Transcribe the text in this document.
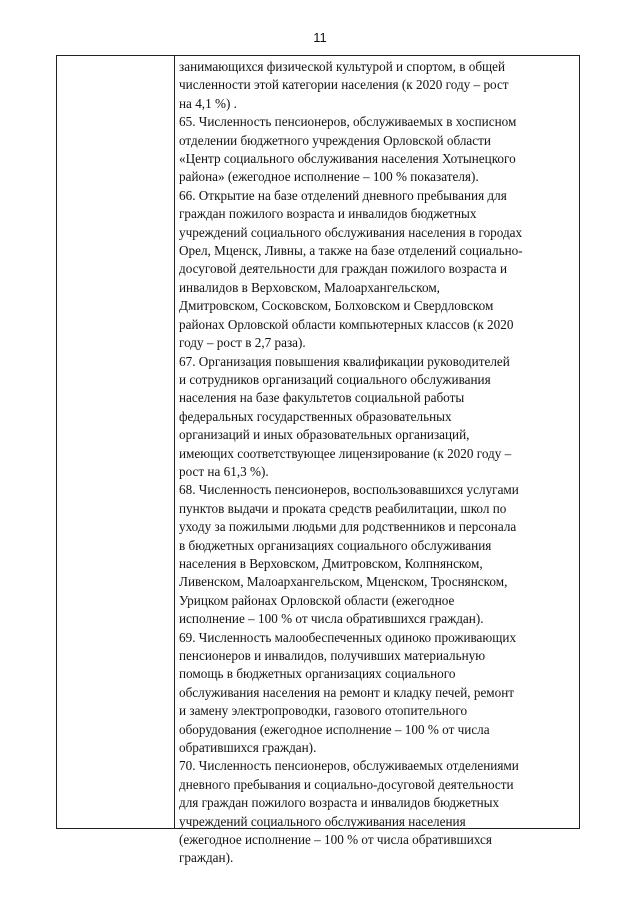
11
занимающихся физической культурой и спортом, в общей
численности этой категории населения (к 2020 году – рост
на 4,1 %) .
65. Численность пенсионеров, обслуживаемых в хосписном
отделении бюджетного учреждения Орловской области
«Центр социального обслуживания населения Хотынецкого
района» (ежегодное исполнение – 100 % показателя).
66. Открытие на базе отделений дневного пребывания для
граждан пожилого возраста и инвалидов бюджетных
учреждений социального обслуживания населения в городах
Орел, Мценск, Ливны, а также на базе отделений социально-
досуговой деятельности для граждан пожилого возраста и
инвалидов в Верховском, Малоархангельском,
Дмитровском, Сосковском, Болховском и Свердловском
районах Орловской области компьютерных классов (к 2020
году – рост в 2,7 раза).
67. Организация повышения квалификации руководителей
и сотрудников организаций социального обслуживания
населения на базе факультетов социальной работы
федеральных государственных образовательных
организаций и иных образовательных организаций,
имеющих соответствующее лицензирование (к 2020 году –
рост на 61,3 %).
68. Численность пенсионеров, воспользовавшихся услугами
пунктов выдачи и проката средств реабилитации, школ по
уходу за пожилыми людьми для родственников и персонала
в бюджетных организациях социального обслуживания
населения в Верховском, Дмитровском, Колпнянском,
Ливенском, Малоархангельском, Мценском, Троснянском,
Урицком районах Орловской области (ежегодное
исполнение – 100 % от числа обратившихся граждан).
69. Численность малообеспеченных одиноко проживающих
пенсионеров и инвалидов, получивших материальную
помощь в бюджетных организациях социального
обслуживания населения на ремонт и кладку печей, ремонт
и замену электропроводки, газового отопительного
оборудования (ежегодное исполнение – 100 % от числа
обратившихся граждан).
70. Численность пенсионеров, обслуживаемых отделениями
дневного пребывания и социально-досуговой деятельности
для граждан пожилого возраста и инвалидов бюджетных
учреждений социального обслуживания населения
(ежегодное исполнение – 100 % от числа обратившихся
граждан).
